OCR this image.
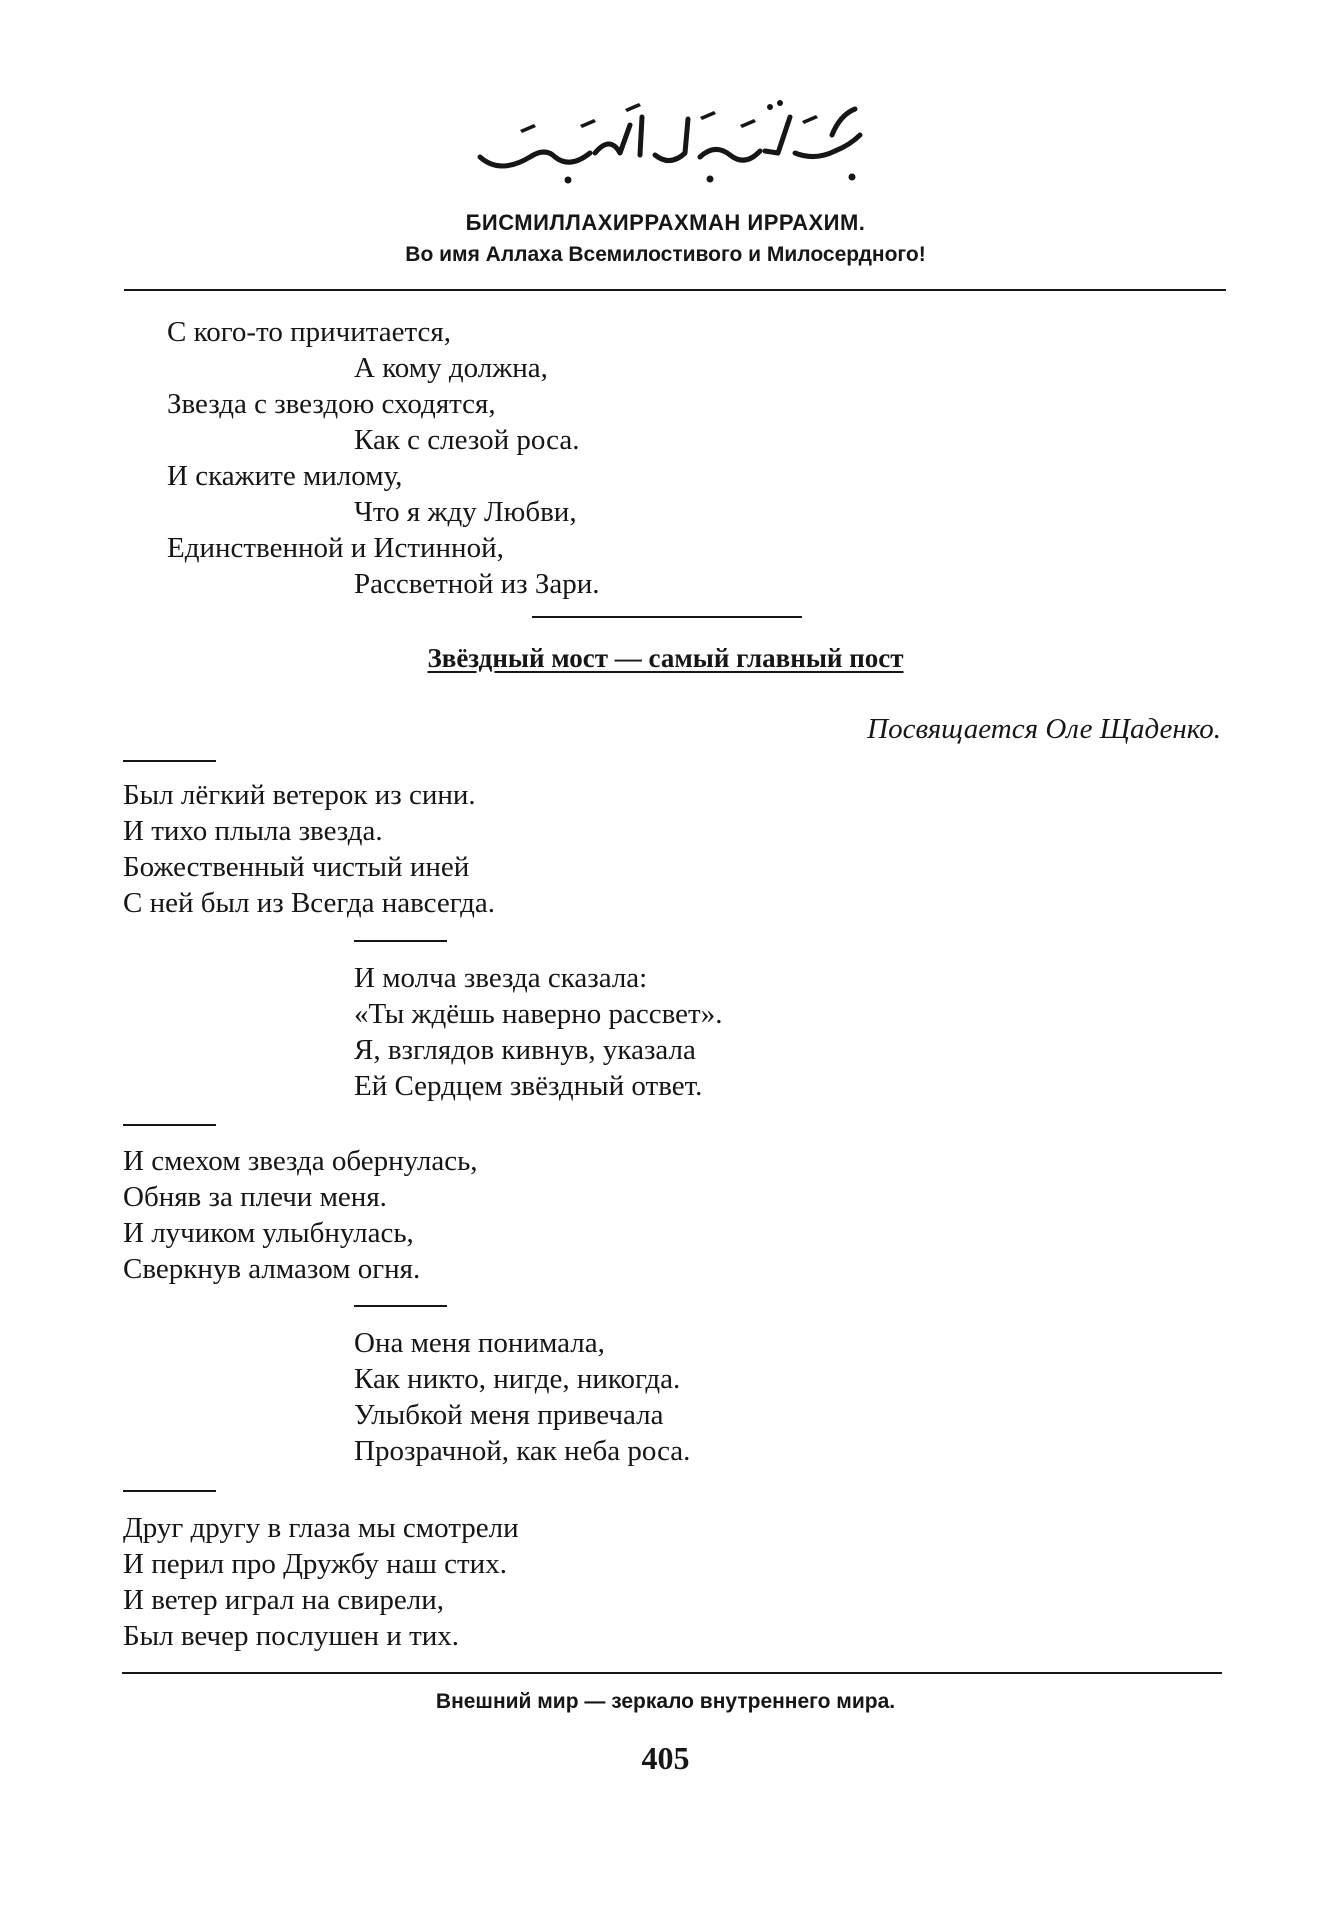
БИСМИЛЛАХИРРАХМАН ИРРАХИМ.
Во имя Аллаха Всемилостивого и Милосердного!
С кого-то причитается,
А кому должна,
Звезда с звездою сходятся,
Как с слезой роса.
И скажите милому,
Что я жду Любви,
Единственной и Истинной,
Рассветной из Зари.
Звёздный мост — самый главный пост
Посвящается Оле Щаденко.
Был лёгкий ветерок из сини.
И тихо плыла звезда.
Божественный чистый иней
С ней был из Всегда навсегда.
И молча звезда сказала:
«Ты ждёшь наверно рассвет».
Я, взглядов кивнув, указала
Ей Сердцем звёздный ответ.
И смехом звезда обернулась,
Обняв за плечи меня.
И лучиком улыбнулась,
Сверкнув алмазом огня.
Она меня понимала,
Как никто, нигде, никогда.
Улыбкой меня привечала
Прозрачной, как неба роса.
Друг другу в глаза мы смотрели
И перил про Дружбу наш стих.
И ветер играл на свирели,
Был вечер послушен и тих.
Внешний мир — зеркало внутреннего мира.
405
